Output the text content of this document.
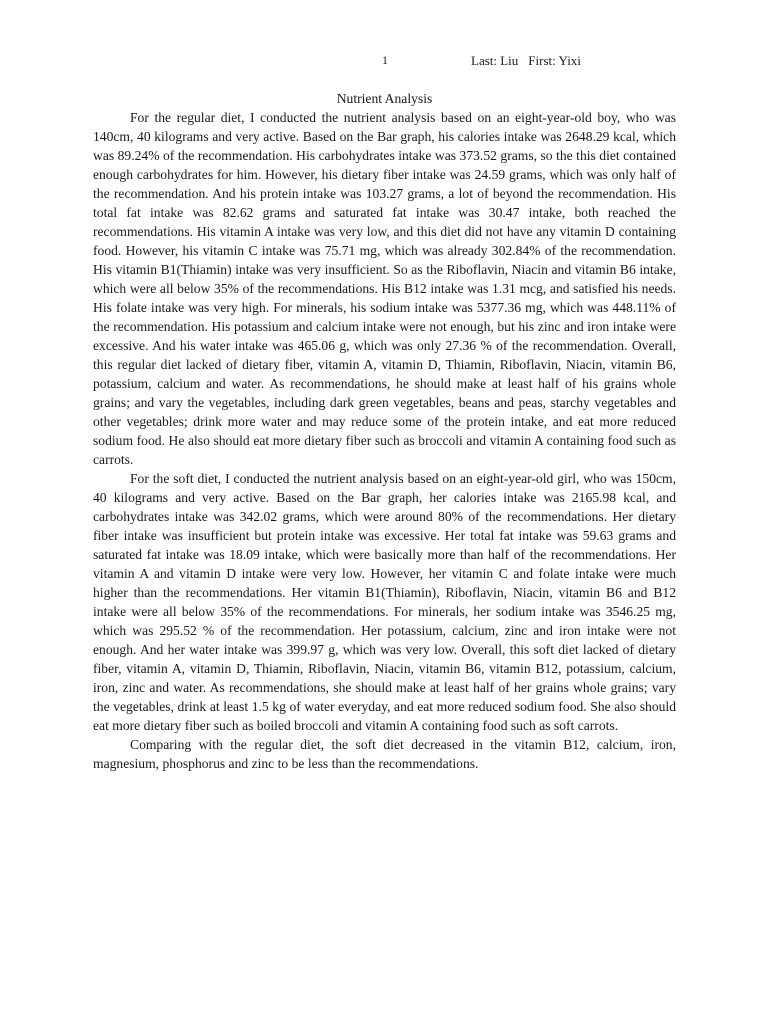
1	Last: Liu First: Yixi
Nutrient Analysis

For the regular diet, I conducted the nutrient analysis based on an eight-year-old boy, who was 140cm, 40 kilograms and very active. Based on the Bar graph, his calories intake was 2648.29 kcal, which was 89.24% of the recommendation. His carbohydrates intake was 373.52 grams, so the this diet contained enough carbohydrates for him. However, his dietary fiber intake was 24.59 grams, which was only half of the recommendation. And his protein intake was 103.27 grams, a lot of beyond the recommendation. His total fat intake was 82.62 grams and saturated fat intake was 30.47 intake, both reached the recommendations. His vitamin A intake was very low, and this diet did not have any vitamin D containing food. However, his vitamin C intake was 75.71 mg, which was already 302.84% of the recommendation. His vitamin B1(Thiamin) intake was very insufficient. So as the Riboflavin, Niacin and vitamin B6 intake, which were all below 35% of the recommendations. His B12 intake was 1.31 mcg, and satisfied his needs. His folate intake was very high. For minerals, his sodium intake was 5377.36 mg, which was 448.11% of the recommendation. His potassium and calcium intake were not enough, but his zinc and iron intake were excessive. And his water intake was 465.06 g, which was only 27.36 % of the recommendation. Overall, this regular diet lacked of dietary fiber, vitamin A, vitamin D, Thiamin, Riboflavin, Niacin, vitamin B6, potassium, calcium and water. As recommendations, he should make at least half of his grains whole grains; and vary the vegetables, including dark green vegetables, beans and peas, starchy vegetables and other vegetables; drink more water and may reduce some of the protein intake, and eat more reduced sodium food. He also should eat more dietary fiber such as broccoli and vitamin A containing food such as carrots.

For the soft diet, I conducted the nutrient analysis based on an eight-year-old girl, who was 150cm, 40 kilograms and very active. Based on the Bar graph, her calories intake was 2165.98 kcal, and carbohydrates intake was 342.02 grams, which were around 80% of the recommendations. Her dietary fiber intake was insufficient but protein intake was excessive. Her total fat intake was 59.63 grams and saturated fat intake was 18.09 intake, which were basically more than half of the recommendations. Her vitamin A and vitamin D intake were very low. However, her vitamin C and folate intake were much higher than the recommendations. Her vitamin B1(Thiamin), Riboflavin, Niacin, vitamin B6 and B12 intake were all below 35% of the recommendations. For minerals, her sodium intake was 3546.25 mg, which was 295.52 % of the recommendation. Her potassium, calcium, zinc and iron intake were not enough. And her water intake was 399.97 g, which was very low. Overall, this soft diet lacked of dietary fiber, vitamin A, vitamin D, Thiamin, Riboflavin, Niacin, vitamin B6, vitamin B12, potassium, calcium, iron, zinc and water. As recommendations, she should make at least half of her grains whole grains; vary the vegetables, drink at least 1.5 kg of water everyday, and eat more reduced sodium food. She also should eat more dietary fiber such as boiled broccoli and vitamin A containing food such as soft carrots.

Comparing with the regular diet, the soft diet decreased in the vitamin B12, calcium, iron, magnesium, phosphorus and zinc to be less than the recommendations.
